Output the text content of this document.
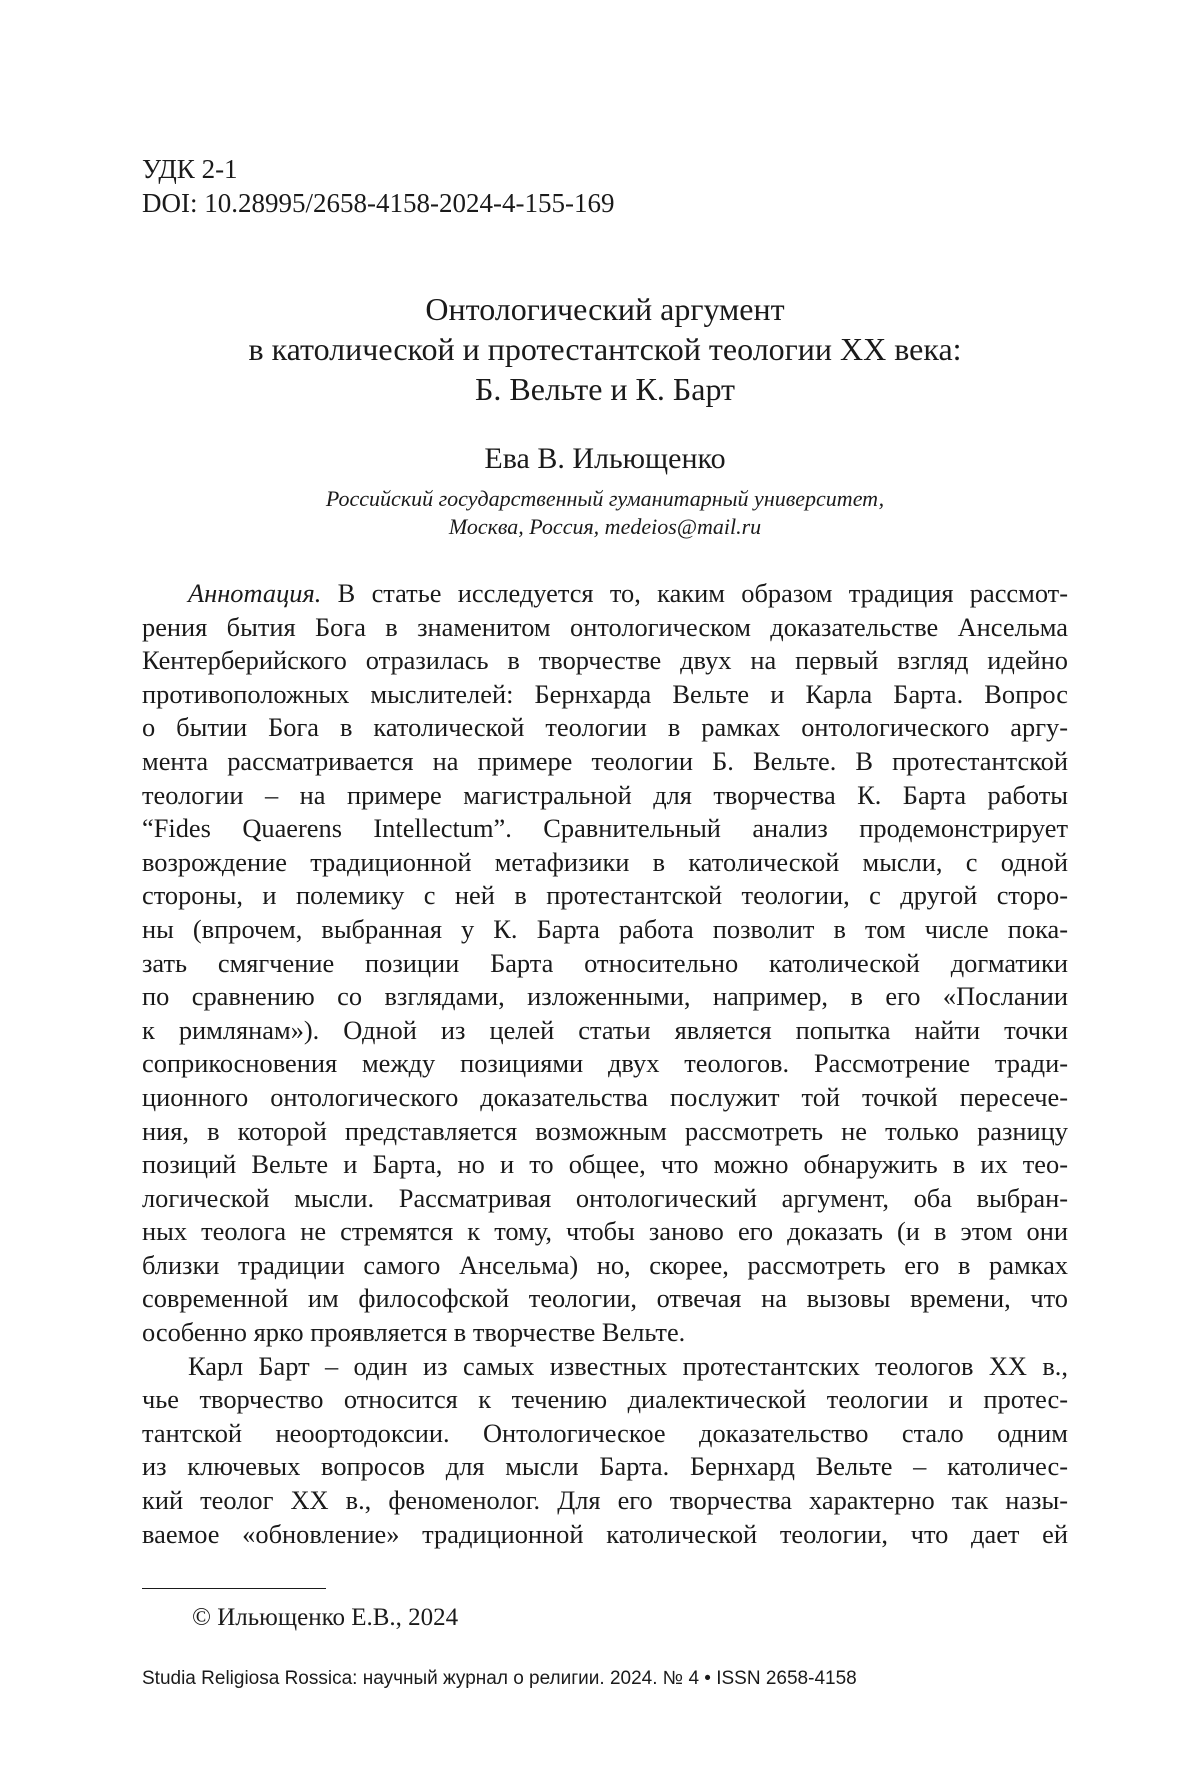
УДК 2-1
DOI: 10.28995/2658-4158-2024-4-155-169
Онтологический аргумент
в католической и протестантской теологии XX века:
Б. Вельте и К. Барт
Ева В. Ильющенко
Российский государственный гуманитарный университет,
Москва, Россия, medeios@mail.ru
Аннотация. В статье исследуется то, каким образом традиция рассмот-
рения бытия Бога в знаменитом онтологическом доказательстве Ансельма
Кентерберийского отразилась в творчестве двух на первый взгляд идейно
противоположных мыслителей: Бернхарда Вельте и Карла Барта. Вопрос
о бытии Бога в католической теологии в рамках онтологического аргу-
мента рассматривается на примере теологии Б. Вельте. В протестантской
теологии – на примере магистральной для творчества К. Барта работы
“Fides Quaerens Intellectum”. Сравнительный анализ продемонстрирует
возрождение традиционной метафизики в католической мысли, с одной
стороны, и полемику с ней в протестантской теологии, с другой сторо-
ны (впрочем, выбранная у К. Барта работа позволит в том числе пока-
зать смягчение позиции Барта относительно католической догматики
по сравнению со взглядами, изложенными, например, в его «Послании
к римлянам»). Одной из целей статьи является попытка найти точки
соприкосновения между позициями двух теологов. Рассмотрение тради-
ционного онтологического доказательства послужит той точкой пересече-
ния, в которой представляется возможным рассмотреть не только разницу
позиций Вельте и Барта, но и то общее, что можно обнаружить в их тео-
логической мысли. Рассматривая онтологический аргумент, оба выбран-
ных теолога не стремятся к тому, чтобы заново его доказать (и в этом они
близки традиции самого Ансельма) но, скорее, рассмотреть его в рамках
современной им философской теологии, отвечая на вызовы времени, что
особенно ярко проявляется в творчестве Вельте.
Карл Барт – один из самых известных протестантских теологов XX в.,
чье творчество относится к течению диалектической теологии и протес-
тантской неоортодоксии. Онтологическое доказательство стало одним
из ключевых вопросов для мысли Барта. Бернхард Вельте – католичес-
кий теолог XX в., феноменолог. Для его творчества характерно так назы-
ваемое «обновление» традиционной католической теологии, что дает ей
© Ильющенко Е.В., 2024
Studia Religiosa Rossica: научный журнал о религии. 2024. № 4 • ISSN 2658-4158
